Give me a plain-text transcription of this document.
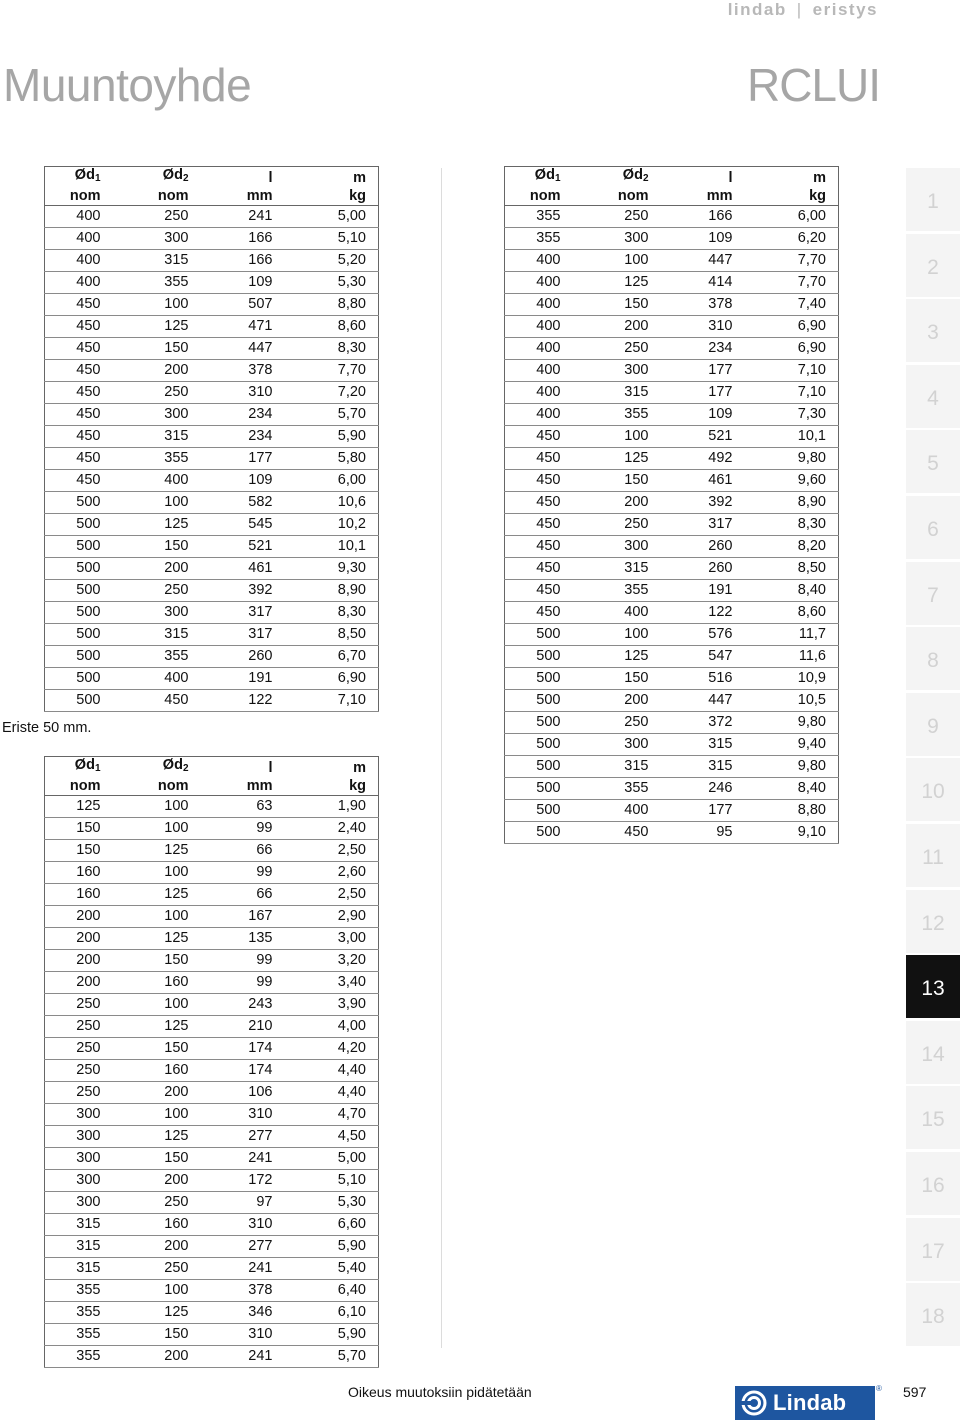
lindab | eristys
Muuntoyhde	RCLUI
$Ød_1$	$Ød_2$	l	m
nom	nom	mm	kg
400	250	241	5,00
400	300	166	5,10
400	315	166	5,20
400	355	109	5,30
450	100	507	8,80
450	125	471	8,60
450	150	447	8,30
450	200	378	7,70
450	250	310	7,20
450	300	234	5,70
450	315	234	5,90
450	355	177	5,80
450	400	109	6,00
500	100	582	10,6
500	125	545	10,2
500	150	521	10,1
500	200	461	9,30
500	250	392	8,90
500	300	317	8,30
500	315	317	8,50
500	355	260	6,70
500	400	191	6,90
500	450	122	7,10
Eriste 50 mm.
$Ød_1$	$Ød_2$	l	m
nom	nom	mm	kg
125	100	63	1,90
150	100	99	2,40
150	125	66	2,50
160	100	99	2,60
160	125	66	2,50
200	100	167	2,90
200	125	135	3,00
200	150	99	3,20
200	160	99	3,40
250	100	243	3,90
250	125	210	4,00
250	150	174	4,20
250	160	174	4,40
250	200	106	4,40
300	100	310	4,70
300	125	277	4,50
300	150	241	5,00
300	200	172	5,10
300	250	97	5,30
315	160	310	6,60
315	200	277	5,90
315	250	241	5,40
355	100	378	6,40
355	125	346	6,10
355	150	310	5,90
355	200	241	5,70
$Ød_1$	$Ød_2$	l	m
nom	nom	mm	kg
355	250	166	6,00
355	300	109	6,20
400	100	447	7,70
400	125	414	7,70
400	150	378	7,40
400	200	310	6,90
400	250	234	6,90
400	300	177	7,10
400	315	177	7,10
400	355	109	7,30
450	100	521	10,1
450	125	492	9,80
450	150	461	9,60
450	200	392	8,90
450	250	317	8,30
450	300	260	8,20
450	315	260	8,50
450	355	191	8,40
450	400	122	8,60
500	100	576	11,7
500	125	547	11,6
500	150	516	10,9
500	200	447	10,5
500	250	372	9,80
500	300	315	9,40
500	315	315	9,80
500	355	246	8,40
500	400	177	8,80
500	450	95	9,10
1
2
3
4
5
6
7
8
9
10
11
12
13
14
15
16
17
18
Oikeus muutoksiin pidätetään	Lindab
® 597
